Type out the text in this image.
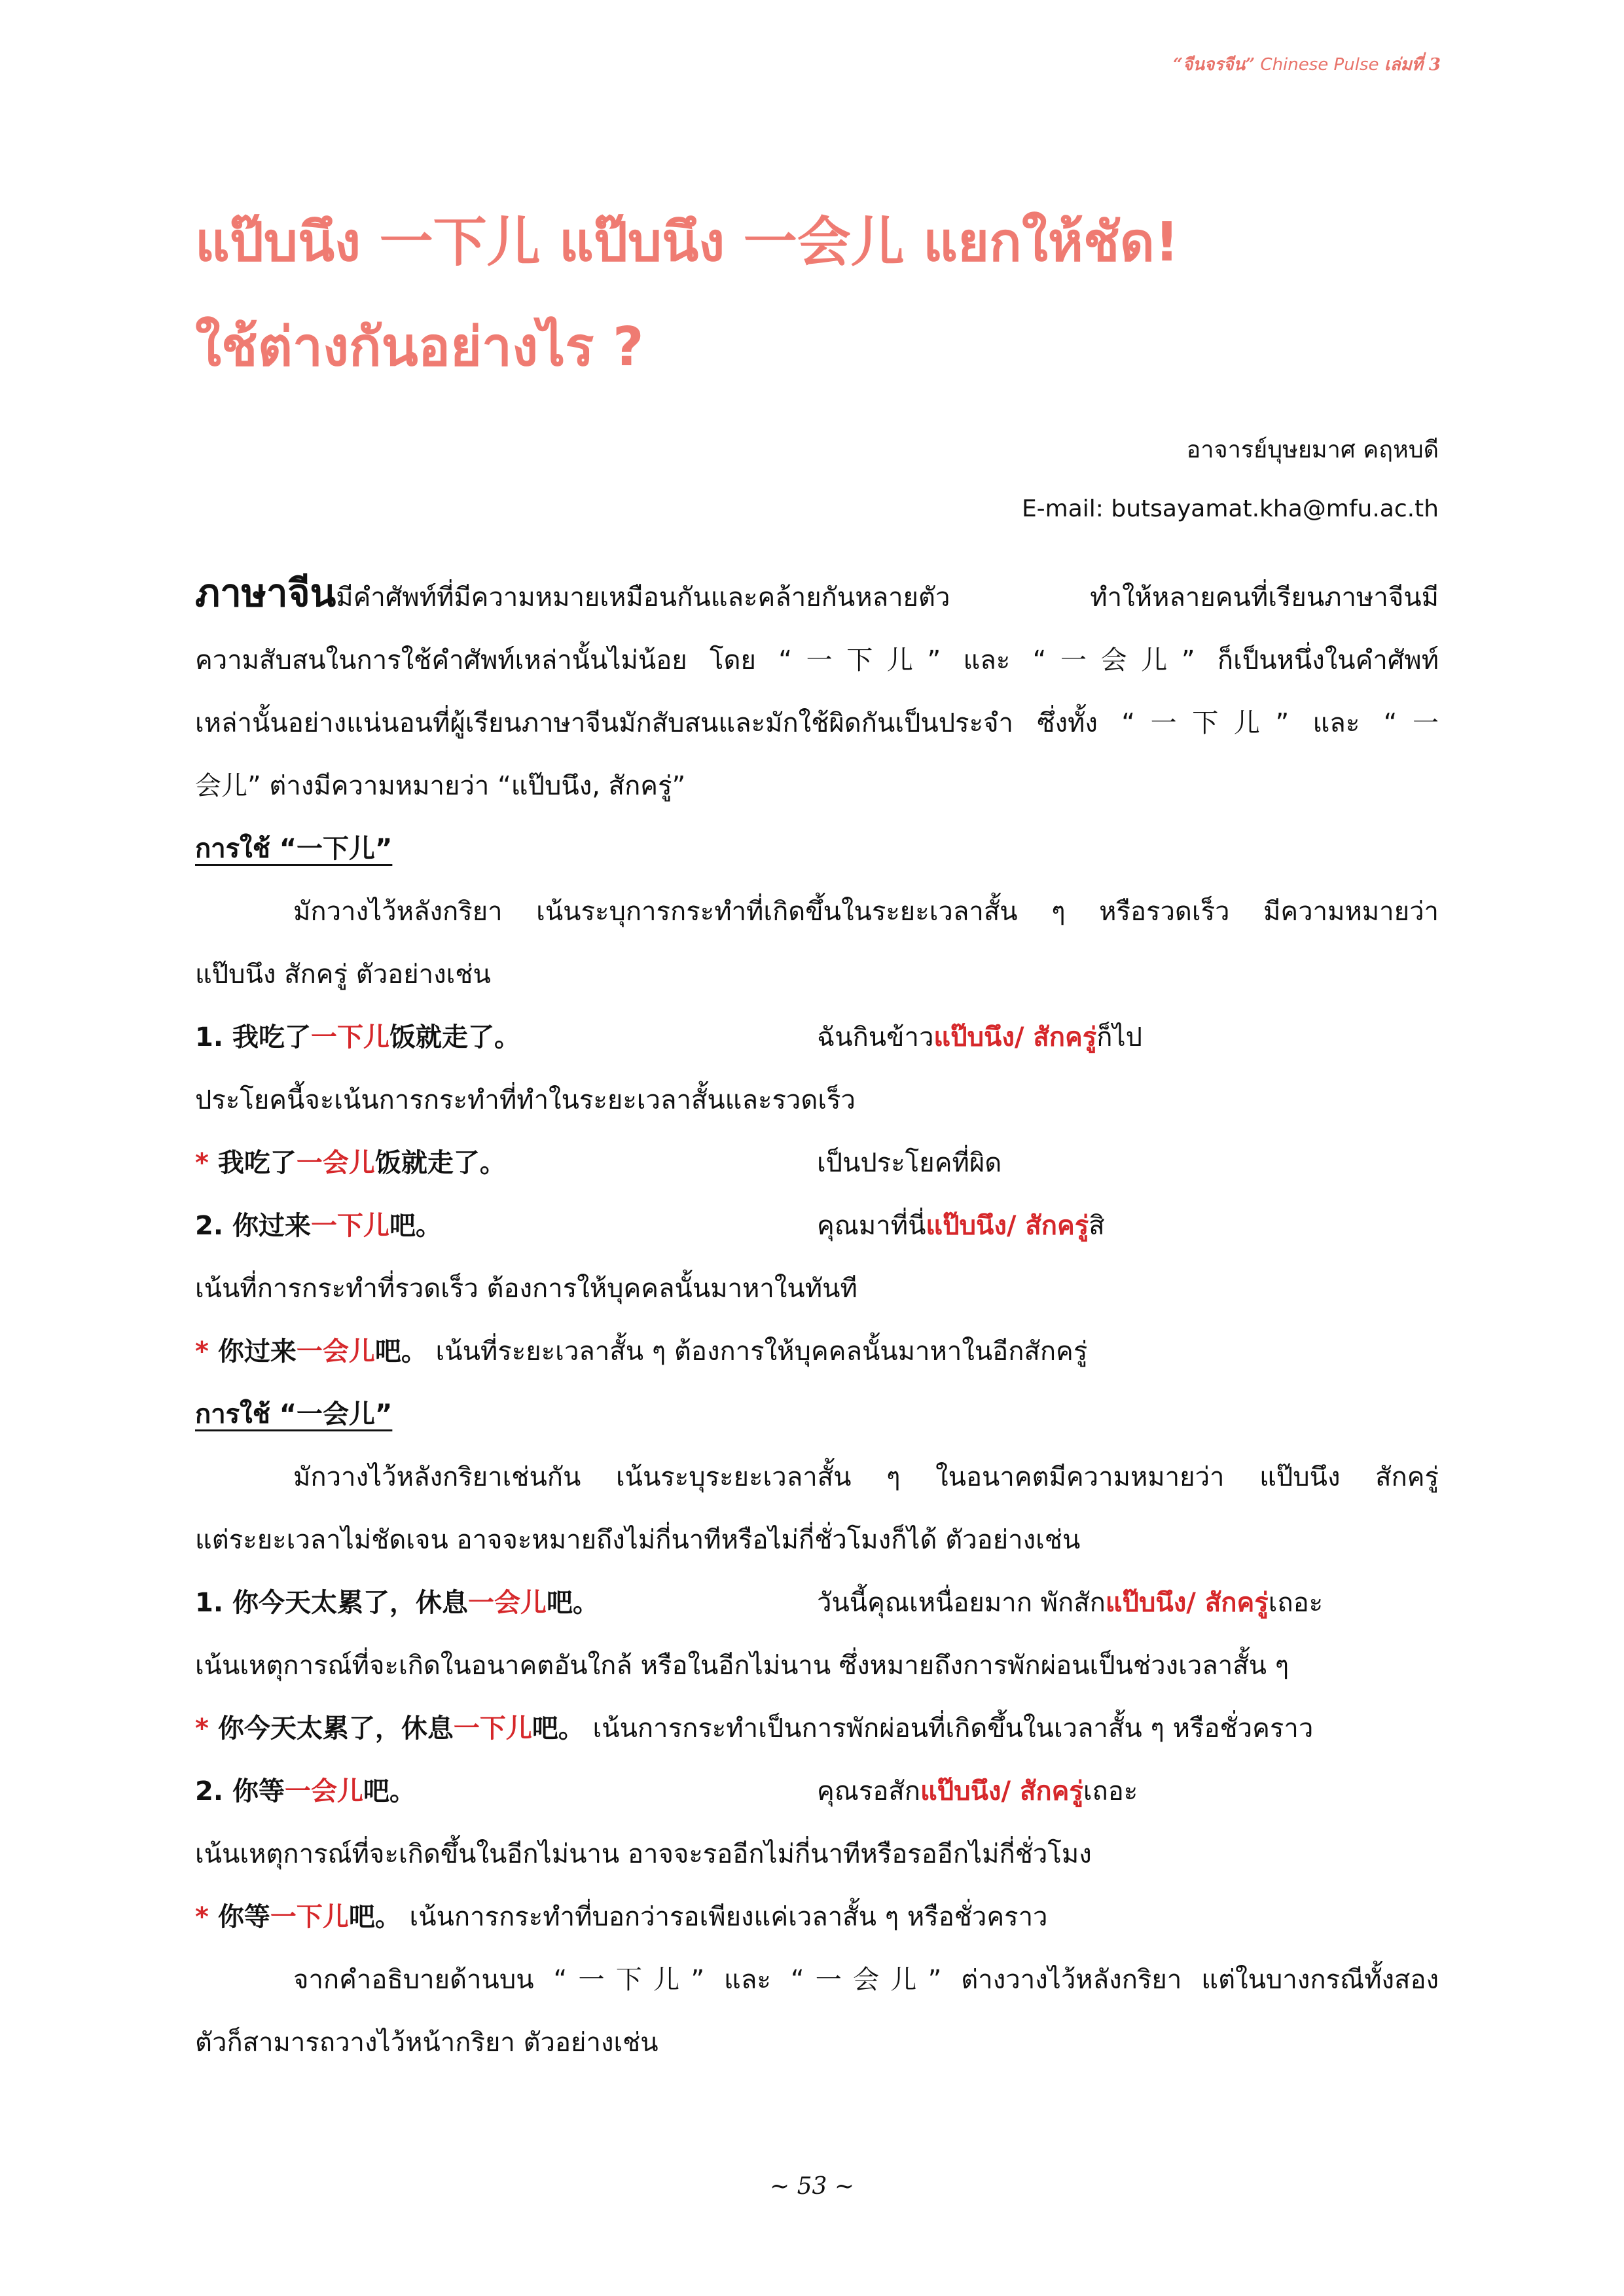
“จีนจรจีน” Chinese Pulse เล่มที่ 3
แป๊บนึง 一下儿 แป๊บนึง 一会儿 แยกให้ชัด!
ใช้ต่างกันอย่างไร ?
อาจารย์บุษยมาศ คฤหบดี
E-mail: butsayamat.kha@mfu.ac.th

ภาษาจีนมีคำศัพท์ที่มีความหมายเหมือนกันและคล้ายกันหลายตัว ทำให้หลายคนที่เรียนภาษาจีนมี

ความสับสนในการใช้คำศัพท์เหล่านั้นไม่น้อย โดย “一下儿” และ “一会儿” ก็เป็นหนึ่งในคำศัพท์

เหล่านั้นอย่างแน่นอนที่ผู้เรียนภาษาจีนมักสับสนและมักใช้ผิดกันเป็นประจำ ซึ่งทั้ง “一下儿” และ “一

会儿” ต่างมีความหมายว่า “แป๊บนึง, สักครู่”

การใช้ “一下儿”

มักวางไว้หลังกริยา เน้นระบุการกระทำที่เกิดขึ้นในระยะเวลาสั้น ๆ หรือรวดเร็ว มีความหมายว่า

แป๊บนึง สักครู่ ตัวอย่างเช่น

1. 我吃了一下儿饭就走了。	ฉันกินข้าวแป๊บนึง/ สักครู่ก็ไป

ประโยคนี้จะเน้นการกระทำที่ทำในระยะเวลาสั้นและรวดเร็ว

* 我吃了一会儿饭就走了。	เป็นประโยคที่ผิด

2. 你过来一下儿吧。	คุณมาที่นี่แป๊บนึง/ สักครู่สิ

เน้นที่การกระทำที่รวดเร็ว ต้องการให้บุคคลนั้นมาหาในทันที

* 你过来一会儿吧。 เน้นที่ระยะเวลาสั้น ๆ ต้องการให้บุคคลนั้นมาหาในอีกสักครู่

การใช้ “一会儿”

มักวางไว้หลังกริยาเช่นกัน เน้นระบุระยะเวลาสั้น ๆ ในอนาคตมีความหมายว่า แป๊บนึง สักครู่

แต่ระยะเวลาไม่ชัดเจน อาจจะหมายถึงไม่กี่นาทีหรือไม่กี่ชั่วโมงก็ได้ ตัวอย่างเช่น

1. 你今天太累了，休息一会儿吧。	วันนี้คุณเหนื่อยมาก พักสักแป๊บนึง/ สักครู่เถอะ

เน้นเหตุการณ์ที่จะเกิดในอนาคตอันใกล้ หรือในอีกไม่นาน ซึ่งหมายถึงการพักผ่อนเป็นช่วงเวลาสั้น ๆ

* 你今天太累了，休息一下儿吧。 เน้นการกระทำเป็นการพักผ่อนที่เกิดขึ้นในเวลาสั้น ๆ หรือชั่วคราว

2. 你等一会儿吧。	คุณรอสักแป๊บนึง/ สักครู่เถอะ

เน้นเหตุการณ์ที่จะเกิดขึ้นในอีกไม่นาน อาจจะรออีกไม่กี่นาทีหรือรออีกไม่กี่ชั่วโมง

* 你等一下儿吧。 เน้นการกระทำที่บอกว่ารอเพียงแค่เวลาสั้น ๆ หรือชั่วคราว

จากคำอธิบายด้านบน “一下儿” และ “一会儿” ต่างวางไว้หลังกริยา แต่ในบางกรณีทั้งสอง

ตัวก็สามารถวางไว้หน้ากริยา ตัวอย่างเช่น

~ 53 ~
